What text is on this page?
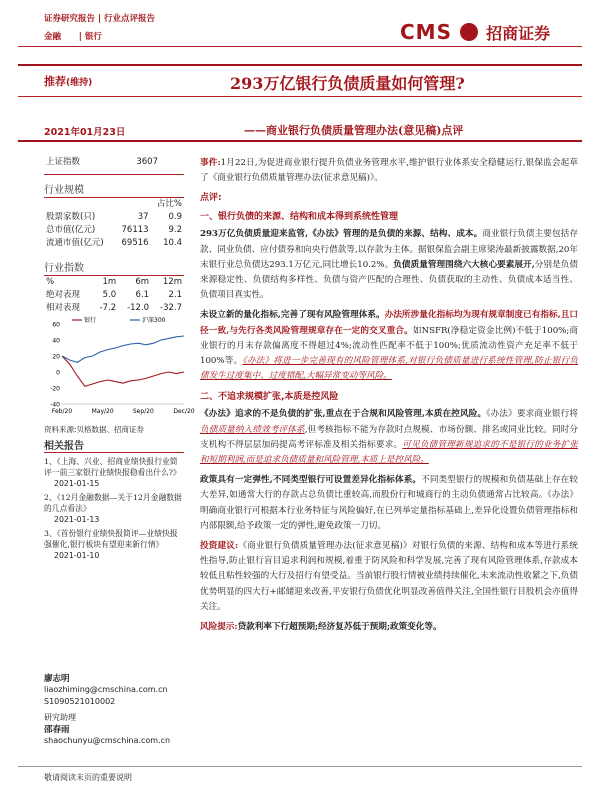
证券研究报告 | 行业点评报告
金融      | 银行	CMS 招商证券
推荐(维持)	293万亿银行负债质量如何管理?
2021年01月23日	——商业银行负债质量管理办法(意见稿)点评
上证指数	3607	
行业规模
		占比%
股票家数(只)	37	0.9
总市值(亿元)	76113	9.2
流通市值(亿元)	69516	10.4
行业指数
%	1m	6m	12m
绝对表现	5.0	6.1	2.1
相对表现	-7.2	-12.0	-32.7
60
40
20
0
-20
-40
Feb/20	May/20	Sep/20	Dec/20
银行	沪深300
资料来源:贝格数据、招商证券
相关报告
1、《上海、兴业、招商业绩快报行业简评一前三家银行业绩快报稳看出什么?》
2021-01-15
2、《12月金融数据—关于12月金融数据的几点看法》
2021-01-13
3、《首份银行业绩快报简评—业绩快报强催化,银行板块有望迎来新行情》
2021-01-10
廖志明
liaozhiming@cmschina.com.cn
S1090521010002
研究助理
邵春雨
shaochunyu@cmschina.com.cn

事件:1月22日,为促进商业银行提升负债业务管理水平,维护银行业体系安全稳健运行,银保监会起草了《商业银行负债质量管理办法(征求意见稿)》。

点评:
一、银行负债的来源、结构和成本得到系统性管理

293万亿负债质量迎来监管,《办法》管理的是负债的来源、结构、成本。商业银行负债主要包括存款、同业负债、应付债券和向央行借款等,以存款为主体。据银保监会副主席梁涛最新披露数据,20年末银行业总负债达293.1万亿元,同比增长10.2%。负债质量管理围绕六大核心要素展开,分别是负债来源稳定性、负债结构多样性、负债与资产匹配的合理性、负债获取的主动性、负债成本适当性、负债项目真实性。

未设立新的量化指标,完善了现有风险管理体系。办法所涉量化指标均为现有规章制度已有指标,且口径一致,与先行各类风险管理规章存在一定的交叉重合。如NSFR(净稳定资金比例)不低于100%;商业银行的月末存款偏离度不得超过4%;流动性匹配率不低于100%;优质流动性资产充足率不低于100%等。《办法》将进一步完善现有的风险管理体系,对银行负债质量进行系统性管理,防止银行负债发生过度集中、过度错配,大幅异常变动等风险。

二、不追求规模扩张,本质是控风险

《办法》追求的不是负债的扩张,重点在于合规和风险管理,本质在控风险。《办法》要求商业银行将负债质量纳入绩效考评体系,但考核指标不能为存款时点规模、市场份额、排名或同业比较。同时分支机构不得层层加码提高考评标准及相关指标要求。可见负债管理新规追求的不是银行的业务扩张和短期利润,而是追求负债质量和风险管理,本质上是控风险。

政策具有一定弹性,不同类型银行可设置差异化指标体系。不同类型银行的规模和负债基础上存在较大差异,如通常大行的存款占总负债比重较高,而股份行和城商行的主动负债通常占比较高。《办法》明确商业银行可根据本行业务特征与风险偏好,在已列举定量指标基础上,差异化设置负债管理指标和内部限额,给予政策一定的弹性,避免政策一刀切。

投资建议:《商业银行负债质量管理办法(征求意见稿)》对银行负债的来源、结构和成本等进行系统性指导,防止银行盲目追求利润和规模,着重于防风险和科学发展,完善了现有风险管理体系,存款成本较低且粘性较强的大行及招行有望受益。当前银行股行情被业绩持续催化,未来流动性收紧之下,负债优势明显的四大行+邮储迎来改善,平安银行负债优化明显改善值得关注,全国性银行目股机会亦值得关注。

风险提示:贷款利率下行超预期;经济复苏低于预期;政策变化等。

敬请阅读末页的重要说明
